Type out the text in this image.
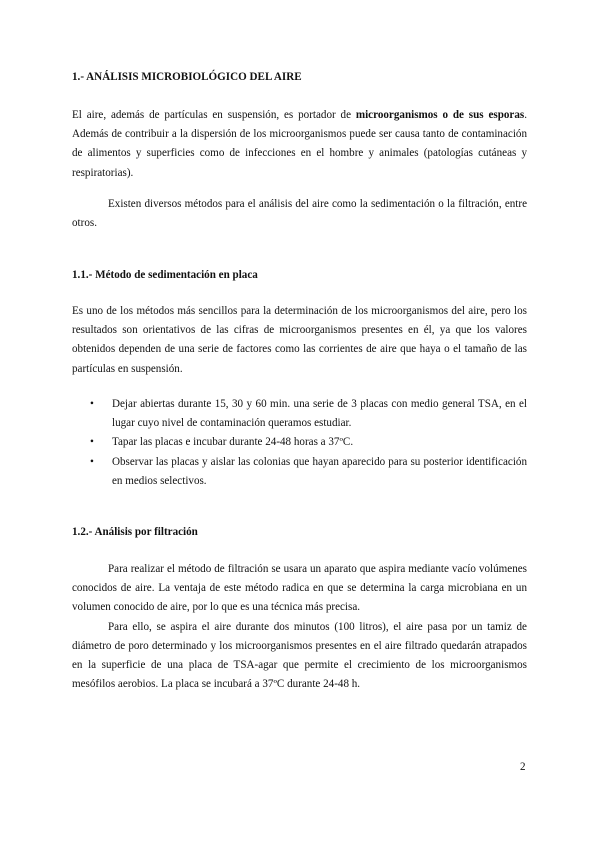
1.- ANÁLISIS MICROBIOLÓGICO DEL AIRE

El aire, además de partículas en suspensión, es portador de microorganismos o de sus esporas. Además de contribuir a la dispersión de los microorganismos puede ser causa tanto de contaminación de alimentos y superficies como de infecciones en el hombre y animales (patologías cutáneas y respiratorias).

Existen diversos métodos para el análisis del aire como la sedimentación o la filtración, entre otros.

1.1.- Método de sedimentación en placa

Es uno de los métodos más sencillos para la determinación de los microorganismos del aire, pero los resultados son orientativos de las cifras de microorganismos presentes en él, ya que los valores obtenidos dependen de una serie de factores como las corrientes de aire que haya o el tamaño de las partículas en suspensión.

• Dejar abiertas durante 15, 30 y 60 min. una serie de 3 placas con medio general TSA, en el lugar cuyo nivel de contaminación queramos estudiar.
• Tapar las placas e incubar durante 24-48 horas a 37ºC.
• Observar las placas y aislar las colonias que hayan aparecido para su posterior identificación en medios selectivos.
1.2.- Análisis por filtración

Para realizar el método de filtración se usara un aparato que aspira mediante vacío volúmenes conocidos de aire. La ventaja de este método radica en que se determina la carga microbiana en un volumen conocido de aire, por lo que es una técnica más precisa.

Para ello, se aspira el aire durante dos minutos (100 litros), el aire pasa por un tamiz de diámetro de poro determinado y los microorganismos presentes en el aire filtrado quedarán atrapados en la superficie de una placa de TSA-agar que permite el crecimiento de los microorganismos mesófilos aerobios. La placa se incubará a 37ºC durante 24-48 h.

2
